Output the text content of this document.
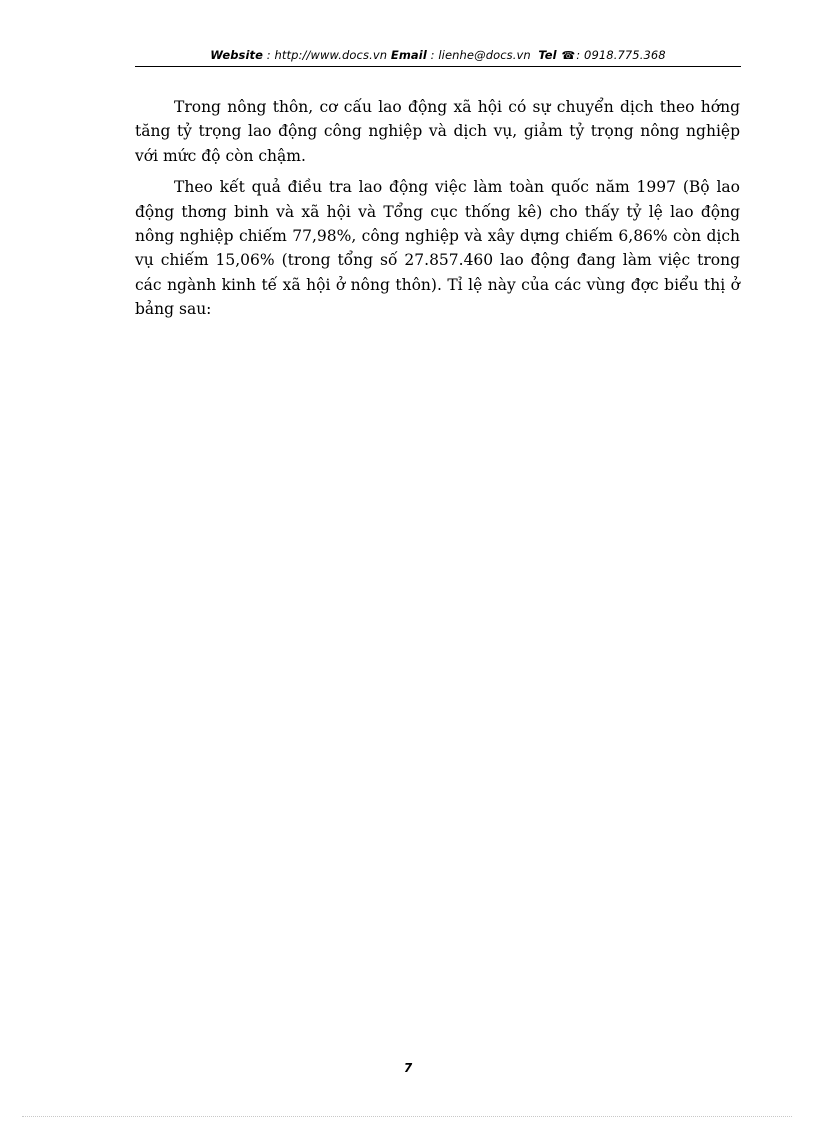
Website : http://www.docs.vn Email : lienhe@docs.vn Tel ☎: 0918.775.368

Trong nông thôn, cơ cấu lao động xã hội có sự chuyển dịch theo hớng tăng tỷ trọng lao động công nghiệp và dịch vụ, giảm tỷ trọng nông nghiệp với mức độ còn chậm.

Theo kết quả điều tra lao động việc làm toàn quốc năm 1997 (Bộ lao động thơng binh và xã hội và Tổng cục thống kê) cho thấy tỷ lệ lao động nông nghiệp chiếm 77,98%, công nghiệp và xây dựng chiếm 6,86% còn dịch vụ chiếm 15,06% (trong tổng số 27.857.460 lao động đang làm việc trong các ngành kinh tế xã hội ở nông thôn). Tỉ lệ này của các vùng đợc biểu thị ở bảng sau:

7
